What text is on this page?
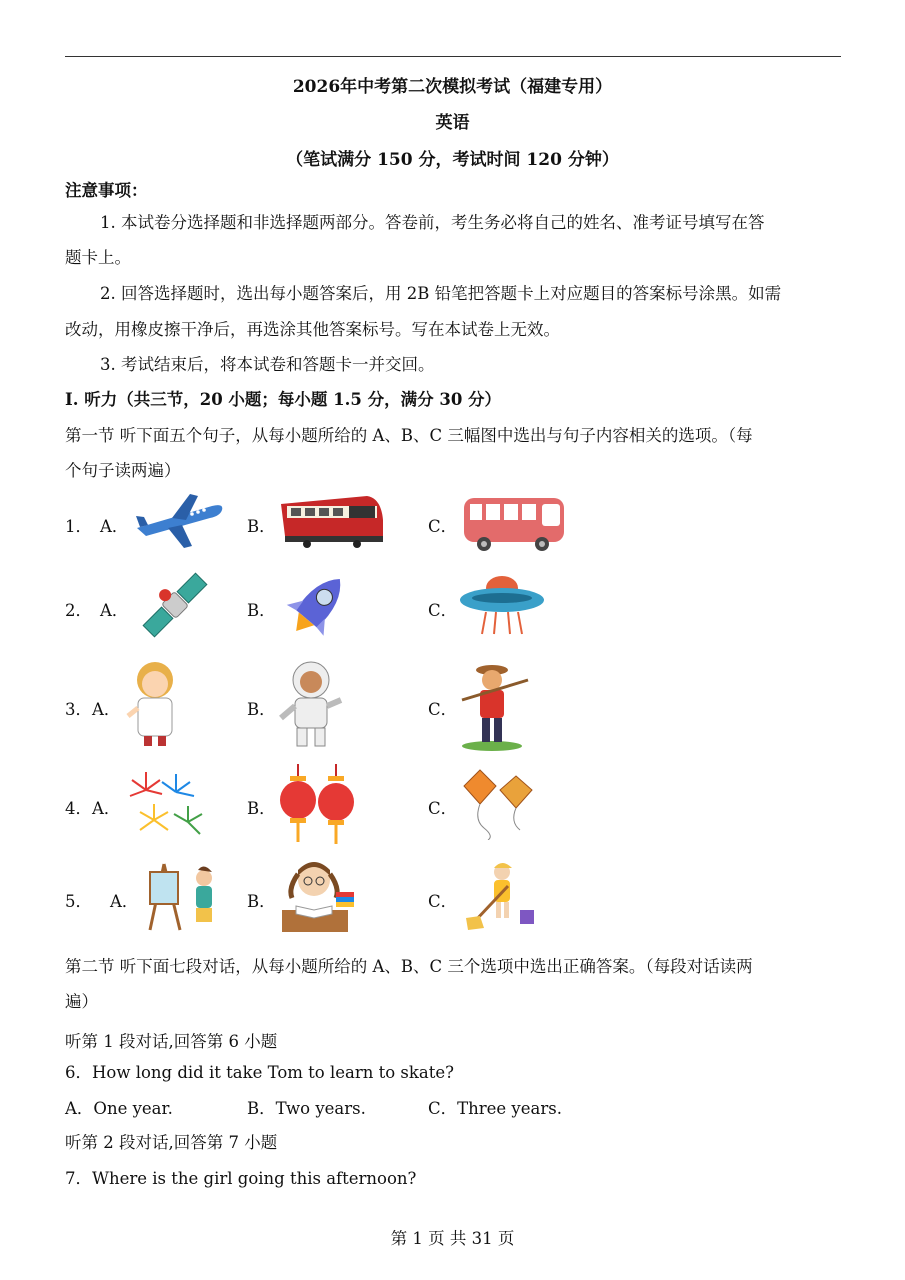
2026年中考第二次模拟考试（福建专用）
英语
（笔试满分 150 分，考试时间 120 分钟）
注意事项：
1. 本试卷分选择题和非选择题两部分。答卷前，考生务必将自己的姓名、准考证号填写在答
题卡上。
2. 回答选择题时，选出每小题答案后，用 2B 铅笔把答题卡上对应题目的答案标号涂黑。如需
改动，用橡皮擦干净后，再选涂其他答案标号。写在本试卷上无效。
3. 考试结束后，将本试卷和答题卡一并交回。
I. 听力（共三节，20 小题；每小题 1.5 分，满分 30 分）
第一节 听下面五个句子，从每小题所给的 A、B、C 三幅图中选出与句子内容相关的选项。（每
个句子读两遍）
1． A．	B．	C．
2． A．	B．	C．
3． A．	B．	C．
4． A．	B．	C．
5． A．	B．	C．
第二节 听下面七段对话，从每小题所给的 A、B、C 三个选项中选出正确答案。（每段对话读两
遍）
听第 1 段对话,回答第 6 小题
6．How long did it take Tom to learn to skate?
A．One year.	B．Two years.	C．Three years.
听第 2 段对话,回答第 7 小题
7．Where is the girl going this afternoon?
第 1 页 共 31 页
